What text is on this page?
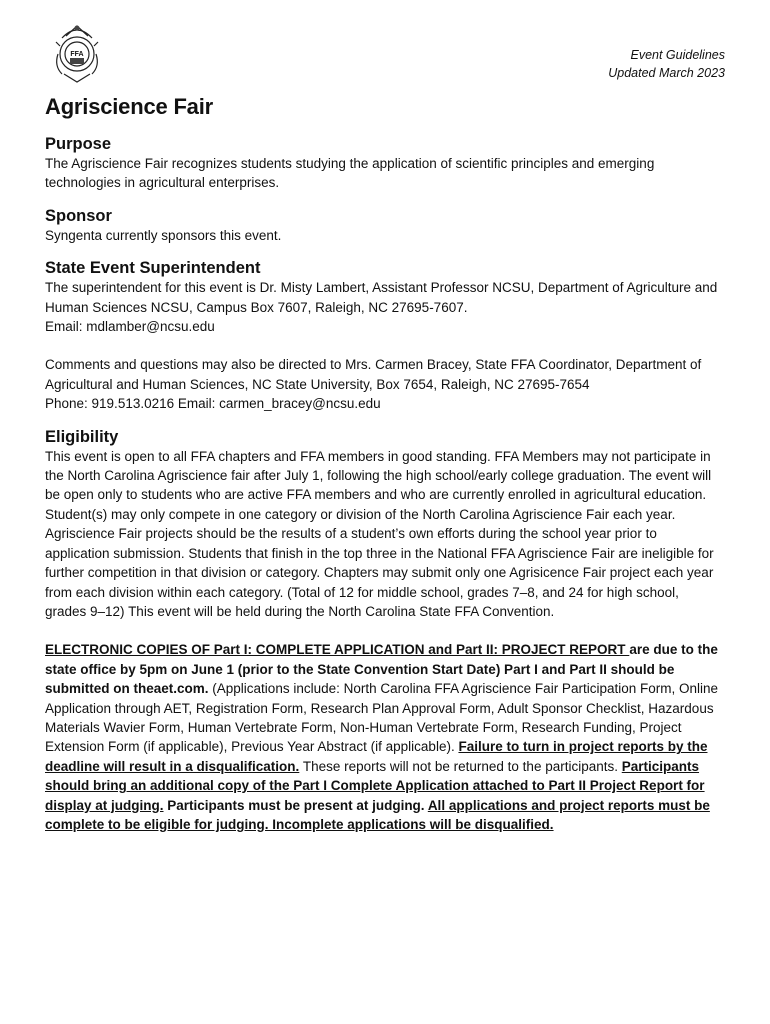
FFA	Event Guidelines
Updated March 2023
Agriscience Fair
Purpose

The Agriscience Fair recognizes students studying the application of scientific principles and emerging technologies in agricultural enterprises.

Sponsor

Syngenta currently sponsors this event.

State Event Superintendent

The superintendent for this event is Dr. Misty Lambert, Assistant Professor NCSU, Department of Agriculture and Human Sciences NCSU, Campus Box 7607, Raleigh, NC 27695-7607.

Email: mdlamber@ncsu.edu

Comments and questions may also be directed to Mrs. Carmen Bracey, State FFA Coordinator, Department of Agricultural and Human Sciences, NC State University, Box 7654, Raleigh, NC 27695-7654

Phone: 919.513.0216 Email: carmen_bracey@ncsu.edu

Eligibility

This event is open to all FFA chapters and FFA members in good standing. FFA Members may not participate in the North Carolina Agriscience fair after July 1, following the high school/early college graduation. The event will be open only to students who are active FFA members and who are currently enrolled in agricultural education. Student(s) may only compete in one category or division of the North Carolina Agriscience Fair each year. Agriscience Fair projects should be the results of a student’s own efforts during the school year prior to application submission. Students that finish in the top three in the National FFA Agriscience Fair are ineligible for further competition in that division or category. Chapters may submit only one Agrisicence Fair project each year from each division within each category. (Total of 12 for middle school, grades 7–8, and 24 for high school, grades 9–12) This event will be held during the North Carolina State FFA Convention.

ELECTRONIC COPIES OF Part I: COMPLETE APPLICATION and Part II: PROJECT REPORT are due to the state office by 5pm on June 1 (prior to the State Convention Start Date) Part I and Part II should be submitted on theaet.com. (Applications include: North Carolina FFA Agriscience Fair Participation Form, Online Application through AET, Registration Form, Research Plan Approval Form, Adult Sponsor Checklist, Hazardous Materials Wavier Form, Human Vertebrate Form, Non-Human Vertebrate Form, Research Funding, Project Extension Form (if applicable), Previous Year Abstract (if applicable). Failure to turn in project reports by the deadline will result in a disqualification. These reports will not be returned to the participants. Participants should bring an additional copy of the Part I Complete Application attached to Part II Project Report for display at judging. Participants must be present at judging. All applications and project reports must be complete to be eligible for judging. Incomplete applications will be disqualified.
